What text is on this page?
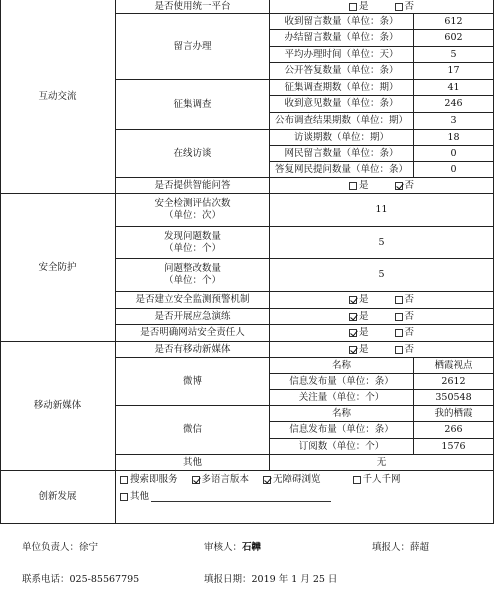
互动交流
是否使用统一平台	是	否
留言办理
收到留言数量（单位：条）	612
办结留言数量（单位：条）	602
平均办理时间（单位：天）	5
公开答复数量（单位：条）	17
征集调查
征集调查期数（单位：期）	41
收到意见数量（单位：条）	246
公布调查结果期数（单位：期）	3
在线访谈
访谈期数（单位：期）	18
网民留言数量（单位：条）	0
答复网民提问数量（单位：条）	0
是否提供智能问答	是	否
安全防护
安全检测评估次数
（单位：次）
11
发现问题数量
（单位：个）
5
问题整改数量
（单位：个）
5
是否建立安全监测预警机制	是	否
是否开展应急演练	是	否
是否明确网站安全责任人	是	否
移动新媒体
是否有移动新媒体	是	否
微博
名称	栖霞视点
信息发布量（单位：条）	2612
关注量（单位：个）	350548
微信
名称	我的栖霞
信息发布量（单位：条）	266
订阅数（单位：个）	1576
其他	无
创新发展
搜索即服务	多语言版本	无障碍浏览	千人千网
其他
单位负责人：徐宁	审核人：石韡	填报人：薛超
联系电话：025-85567795	填报日期：2019 年 1 月 25 日
